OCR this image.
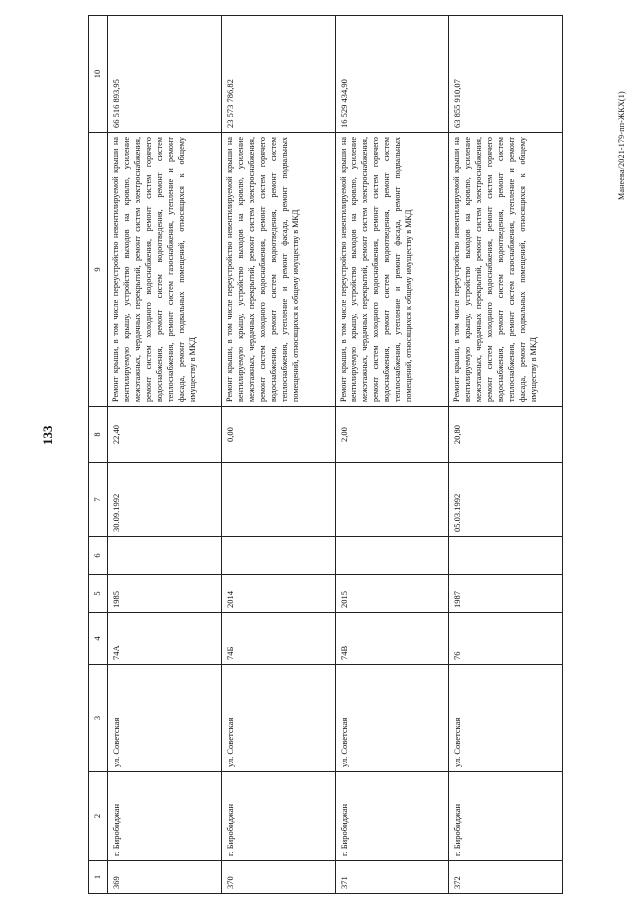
133
Манеева/2021-179-пп-ЖКХ(1)
1	2	3	4	5	6	7	8	9	10
369	г. Биробиджан	ул. Советская	74А	1985		30.09.1992	22,40	Ремонт крыши, в том числе переустройство невентилируемой крыши на вентилируемую крышу, устройство выходов на кровлю, усиление межэтажных, чердачных перекрытий, ремонт систем электроснабжения, ремонт систем холодного водоснабжения, ремонт систем горячего водоснабжения, ремонт систем водоотведения, ремонт систем теплоснабжения, ремонт систем газоснабжения, утепление и ремонт фасада, ремонт подвальных помещений, относящихся к общему имуществу в МКД	66 516 893,95
370	г. Биробиджан	ул. Советская	74Б	2014			0,00	Ремонт крыши, в том числе переустройство невентилируемой крыши на вентилируемую крышу, устройство выходов на кровлю, усиление межэтажных, чердачных перекрытий, ремонт систем электроснабжения, ремонт систем холодного водоснабжения, ремонт систем горячего водоснабжения, ремонт систем водоотведения, ремонт систем теплоснабжения, утепление и ремонт фасада, ремонт подвальных помещений, относящихся к общему имуществу в МКД	23 573 786,82
371	г. Биробиджан	ул. Советская	74В	2015			2,00	Ремонт крыши, в том числе переустройство невентилируемой крыши на вентилируемую крышу, устройство выходов на кровлю, усиление межэтажных, чердачных перекрытий, ремонт систем электроснабжения, ремонт систем холодного водоснабжения, ремонт систем горячего водоснабжения, ремонт систем водоотведения, ремонт систем теплоснабжения, утепление и ремонт фасада, ремонт подвальных помещений, относящихся к общему имуществу в МКД	16 529 434,90
372	г. Биробиджан	ул. Советская	76	1987		05.03.1992	20,80	Ремонт крыши, в том числе переустройство невентилируемой крыши на вентилируемую крышу, устройство выходов на кровлю, усиление межэтажных, чердачных перекрытий, ремонт систем электроснабжения, ремонт систем холодного водоснабжения, ремонт систем горячего водоснабжения, ремонт систем водоотведения, ремонт систем теплоснабжения, ремонт систем газоснабжения, утепление и ремонт фасада, ремонт подвальных помещений, относящихся к общему имуществу в МКД	63 855 910,07
